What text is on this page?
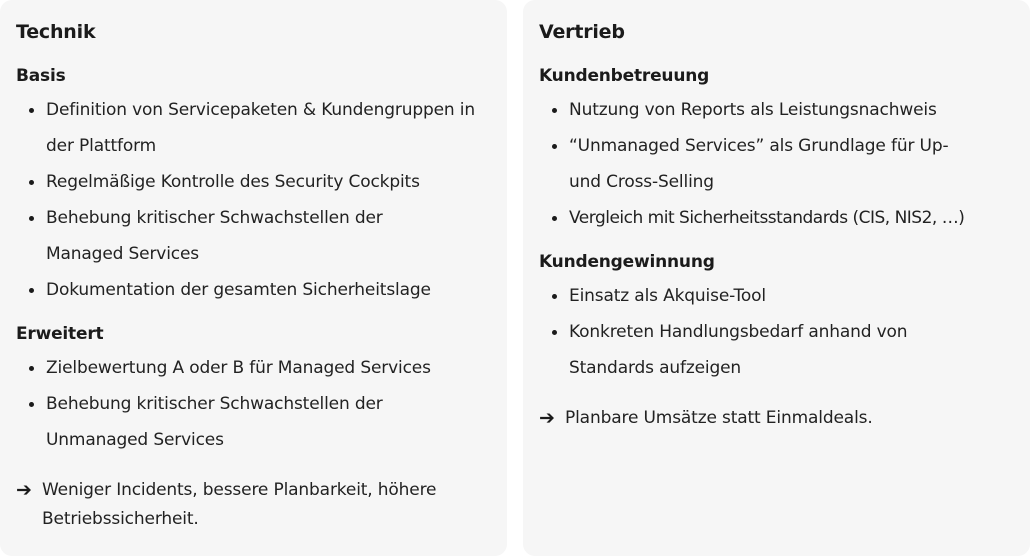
Technik
Basis
Definition von Servicepaketen & Kundengruppen in der Plattform
Regelmäßige Kontrolle des Security Cockpits
Behebung kritischer Schwachstellen der Managed Services
Dokumentation der gesamten Sicherheitslage
Erweitert
Zielbewertung A oder B für Managed Services
Behebung kritischer Schwachstellen der Unmanaged Services
➔ Weniger Incidents, bessere Planbarkeit, höhere Betriebssicherheit.
Vertrieb
Kundenbetreuung
Nutzung von Reports als Leistungsnachweis
“Unmanaged Services” als Grundlage für Up- und Cross-Selling
Vergleich mit Sicherheitsstandards (CIS, NIS2, …)
Kundengewinnung
Einsatz als Akquise-Tool
Konkreten Handlungsbedarf anhand von Standards aufzeigen
➔ Planbare Umsätze statt Einmaldeals.
